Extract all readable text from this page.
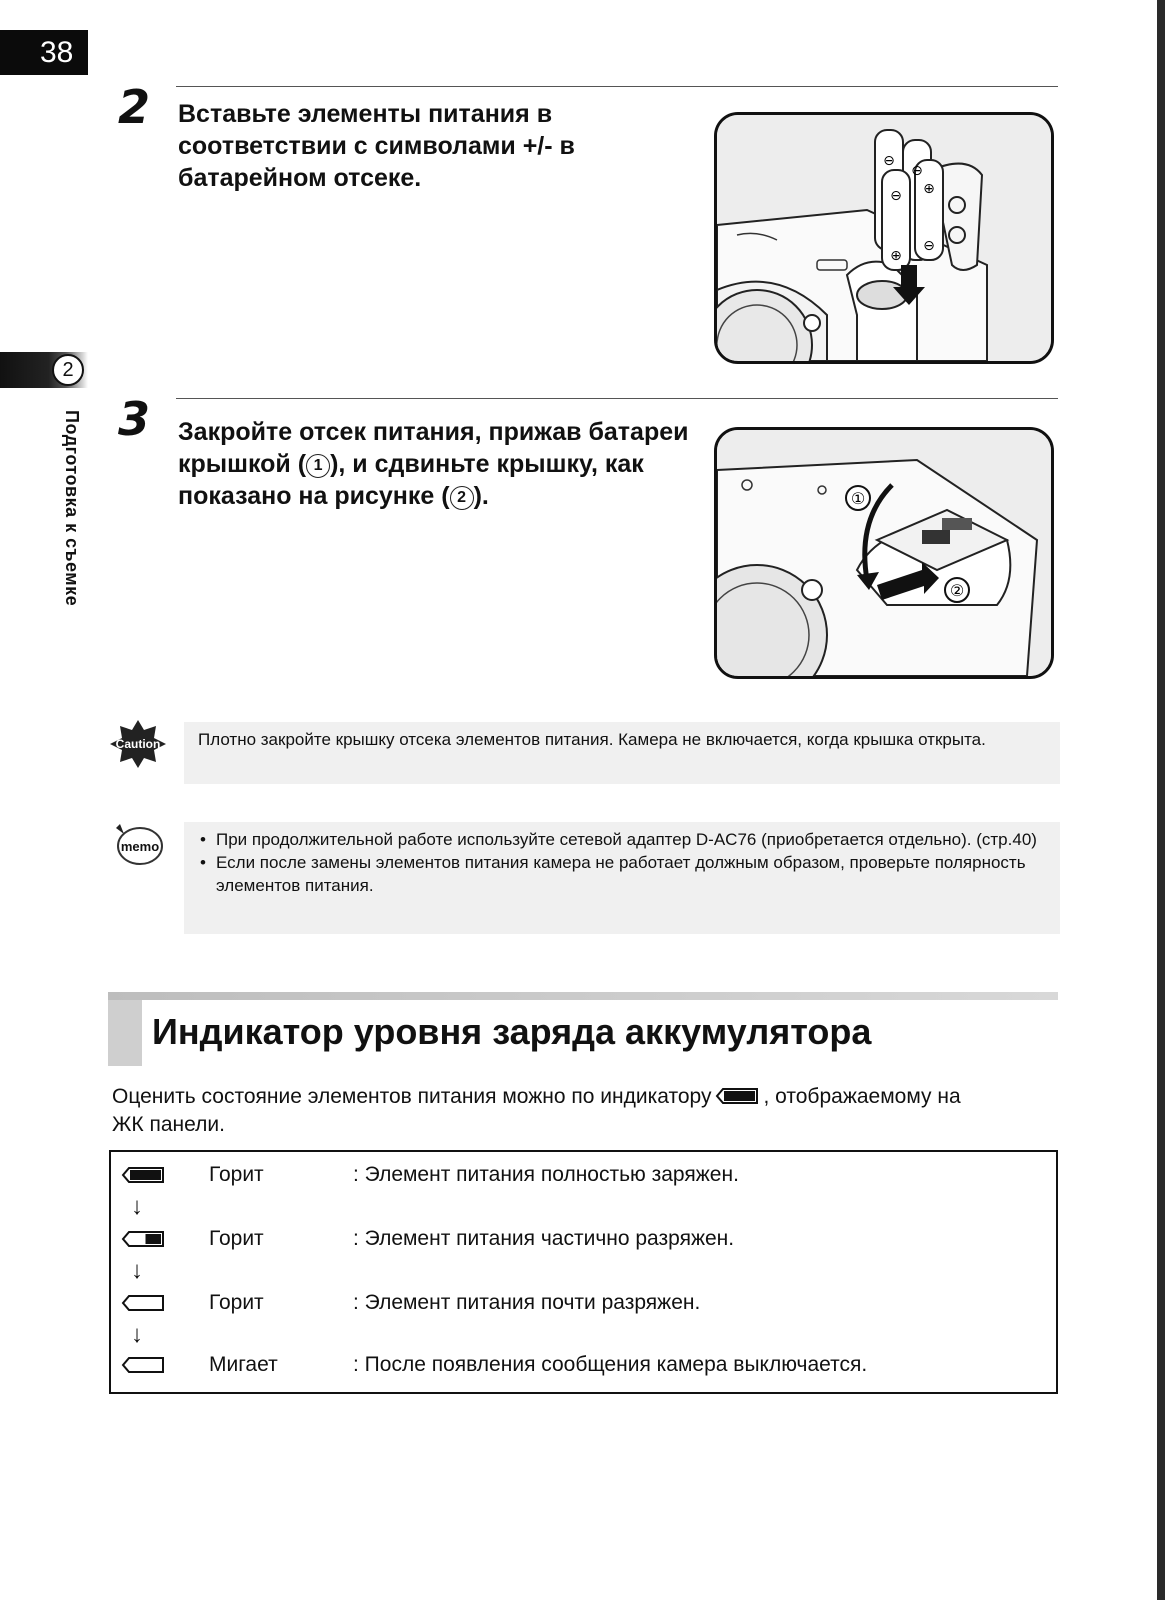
38
2
Подготовка к съемке
2 Вставьте элементы питания в соответствии с символами +/- в батарейном отсеке.
⊖
⊖
⊖ ⊕
⊕
⊖
3 Закройте отсек питания, прижав батареи крышкой ( 1 ), и сдвиньте крышку, как показано на рисунке ( 2 ).	①
②
Caution	Плотно закройте крышку отсека элементов питания. Камера не включается, когда крышка открыта.
memo
•	При продолжительной работе используйте сетевой адаптер D-AC76 (приобретается отдельно). (стр.40)
• Если после замены элементов питания камера не работает должным образом, проверьте полярность элементов питания.
Индикатор уровня заряда аккумулятора
Оценить состояние элементов питания можно по индикатору , отображаемому на ЖК панели.
Горит	: Элемент питания полностью заряжен.
↓
Горит	: Элемент питания частично разряжен.
↓
Горит	: Элемент питания почти разряжен.
↓
Мигает	: После появления сообщения камера выключается.
